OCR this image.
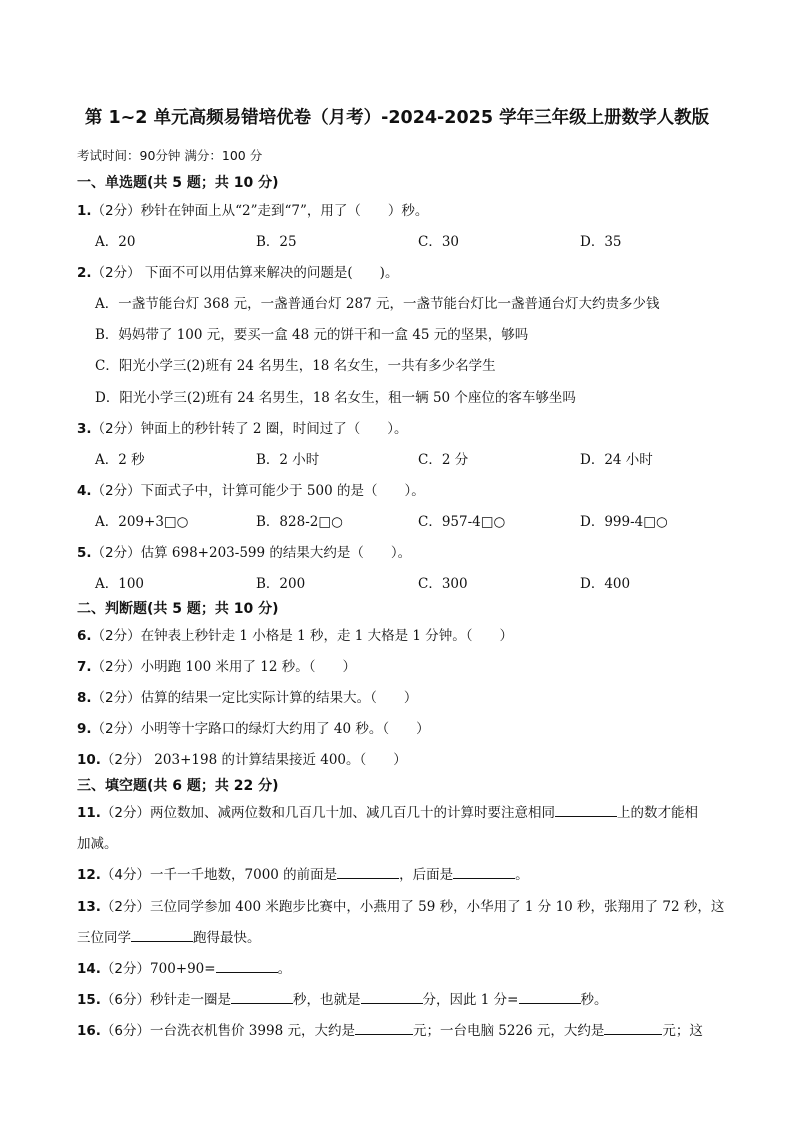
第 1~2 单元高频易错培优卷（月考）-2024-2025 学年三年级上册数学人教版
考试时间：90分钟 满分：100 分
一、单选题(共 5 题；共 10 分)
1.（2分）秒针在钟面上从“2”走到“7”，用了（　　）秒。
A．20	B．25	C．30	D．35
2.（2分） 下面不可以用估算来解决的问题是(　　)。
A．一盏节能台灯 368 元，一盏普通台灯 287 元，一盏节能台灯比一盏普通台灯大约贵多少钱
B．妈妈带了 100 元，要买一盒 48 元的饼干和一盒 45 元的坚果，够吗
C．阳光小学三(2)班有 24 名男生，18 名女生，一共有多少名学生
D．阳光小学三(2)班有 24 名男生，18 名女生，租一辆 50 个座位的客车够坐吗
3.（2分）钟面上的秒针转了 2 圈，时间过了（　　）。
A．2 秒	B．2 小时	C．2 分	D．24 小时
4.（2分）下面式子中，计算可能少于 500 的是（　　）。
A．209+3□○	B．828-2□○	C．957-4□○	D．999-4□○
5.（2分）估算 698+203-599 的结果大约是（　　）。
A．100	B．200	C．300	D．400
二、判断题(共 5 题；共 10 分)
6.（2分）在钟表上秒针走 1 小格是 1 秒，走 1 大格是 1 分钟。（　　）
7.（2分）小明跑 100 米用了 12 秒。（　　）
8.（2分）估算的结果一定比实际计算的结果大。（　　）
9.（2分）小明等十字路口的绿灯大约用了 40 秒。（　　）
10.（2分） 203+198 的计算结果接近 400。（　　）
三、填空题(共 6 题；共 22 分)
11.（2分）两位数加、减两位数和几百几十加、减几百几十的计算时要注意相同	上的数才能相
加减。
12.（4分）一千一千地数，7000 的前面是	，后面是	。
13.（2分）三位同学参加 400 米跑步比赛中，小燕用了 59 秒，小华用了 1 分 10 秒，张翔用了 72 秒，这
三位同学	跑得最快。
14.（2分）700+90=	。
15.（6分）秒针走一圈是	秒，也就是	分，因此 1 分=	秒。
16.（6分）一台洗衣机售价 3998 元，大约是	元；一台电脑 5226 元，大约是	元；这
